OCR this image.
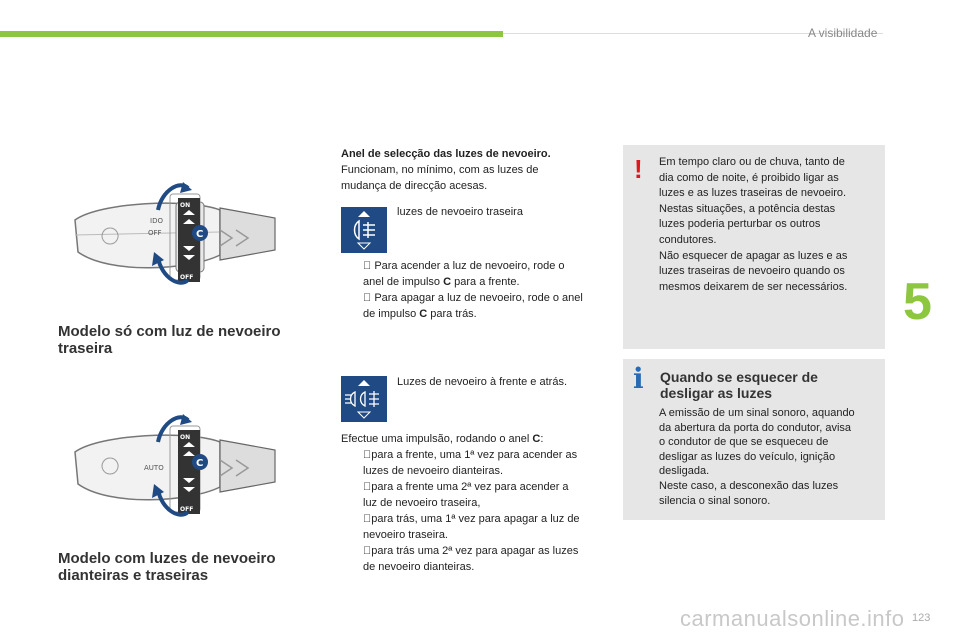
A visibilidade
5
OFF
IDO
ON
OFF
C
Modelo só com luz de nevoeiro
traseira
AUTO
ON
OFF
C
Modelo com luzes de nevoeiro
dianteiras e traseiras
Anel de selecção das luzes de nevoeiro.
Funcionam, no mínimo, com as luzes de
mudança de direcção acesas.
luzes de nevoeiro traseira
Para acender a luz de nevoeiro, rode o
anel de impulso C para a frente.
Para apagar a luz de nevoeiro, rode o anel
de impulso C para trás.
Luzes de nevoeiro à frente e atrás.
Efectue uma impulsão, rodando o anel C:
para a frente, uma 1ª vez para acender as
luzes de nevoeiro dianteiras.
para a frente uma 2ª vez para acender a
luz de nevoeiro traseira,
para trás, uma 1ª vez para apagar a luz de
nevoeiro traseira.
para trás uma 2ª vez para apagar as luzes
de nevoeiro dianteiras.
! Em tempo claro ou de chuva, tanto de
dia como de noite, é proibido ligar as
luzes e as luzes traseiras de nevoeiro.
Nestas situações, a potência destas
luzes poderia perturbar os outros
condutores.
Não esquecer de apagar as luzes e as
luzes traseiras de nevoeiro quando os
mesmos deixarem de ser necessários.
i Quando se esquecer de
desligar as luzes
A emissão de um sinal sonoro, aquando
da abertura da porta do condutor, avisa
o condutor de que se esqueceu de
desligar as luzes do veículo, ignição
desligada.
Neste caso, a desconexão das luzes
silencia o sinal sonoro.
carmanualsonline.info 123
